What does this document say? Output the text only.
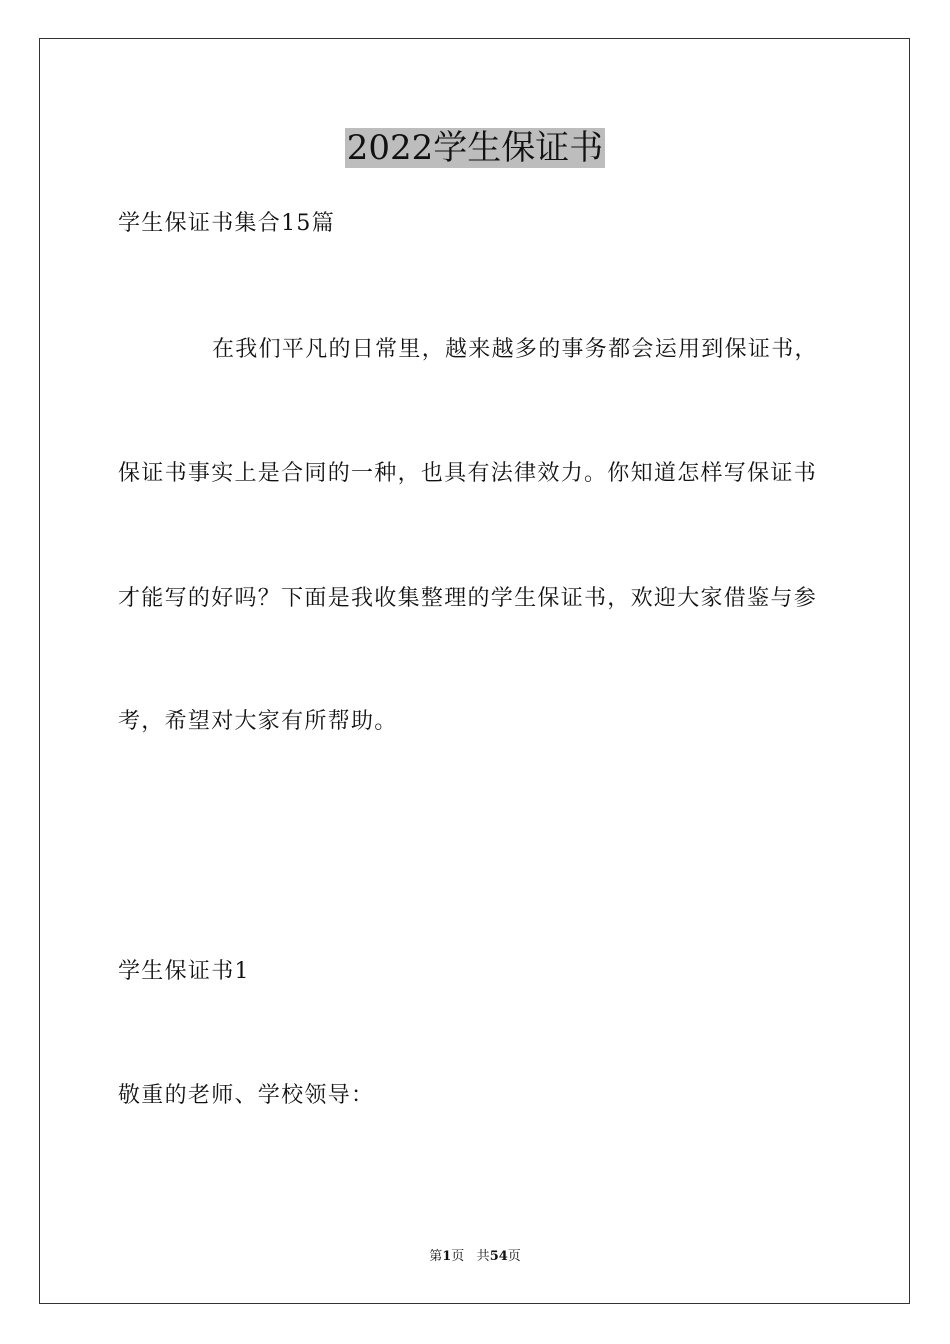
2022学生保证书
学生保证书集合15篇
在我们平凡的日常里，越来越多的事务都会运用到保证书，
保证书事实上是合同的一种，也具有法律效力。你知道怎样写保证书
才能写的好吗？下面是我收集整理的学生保证书，欢迎大家借鉴与参
考，希望对大家有所帮助。
学生保证书1
敬重的老师、学校领导：
第1页 共54页
